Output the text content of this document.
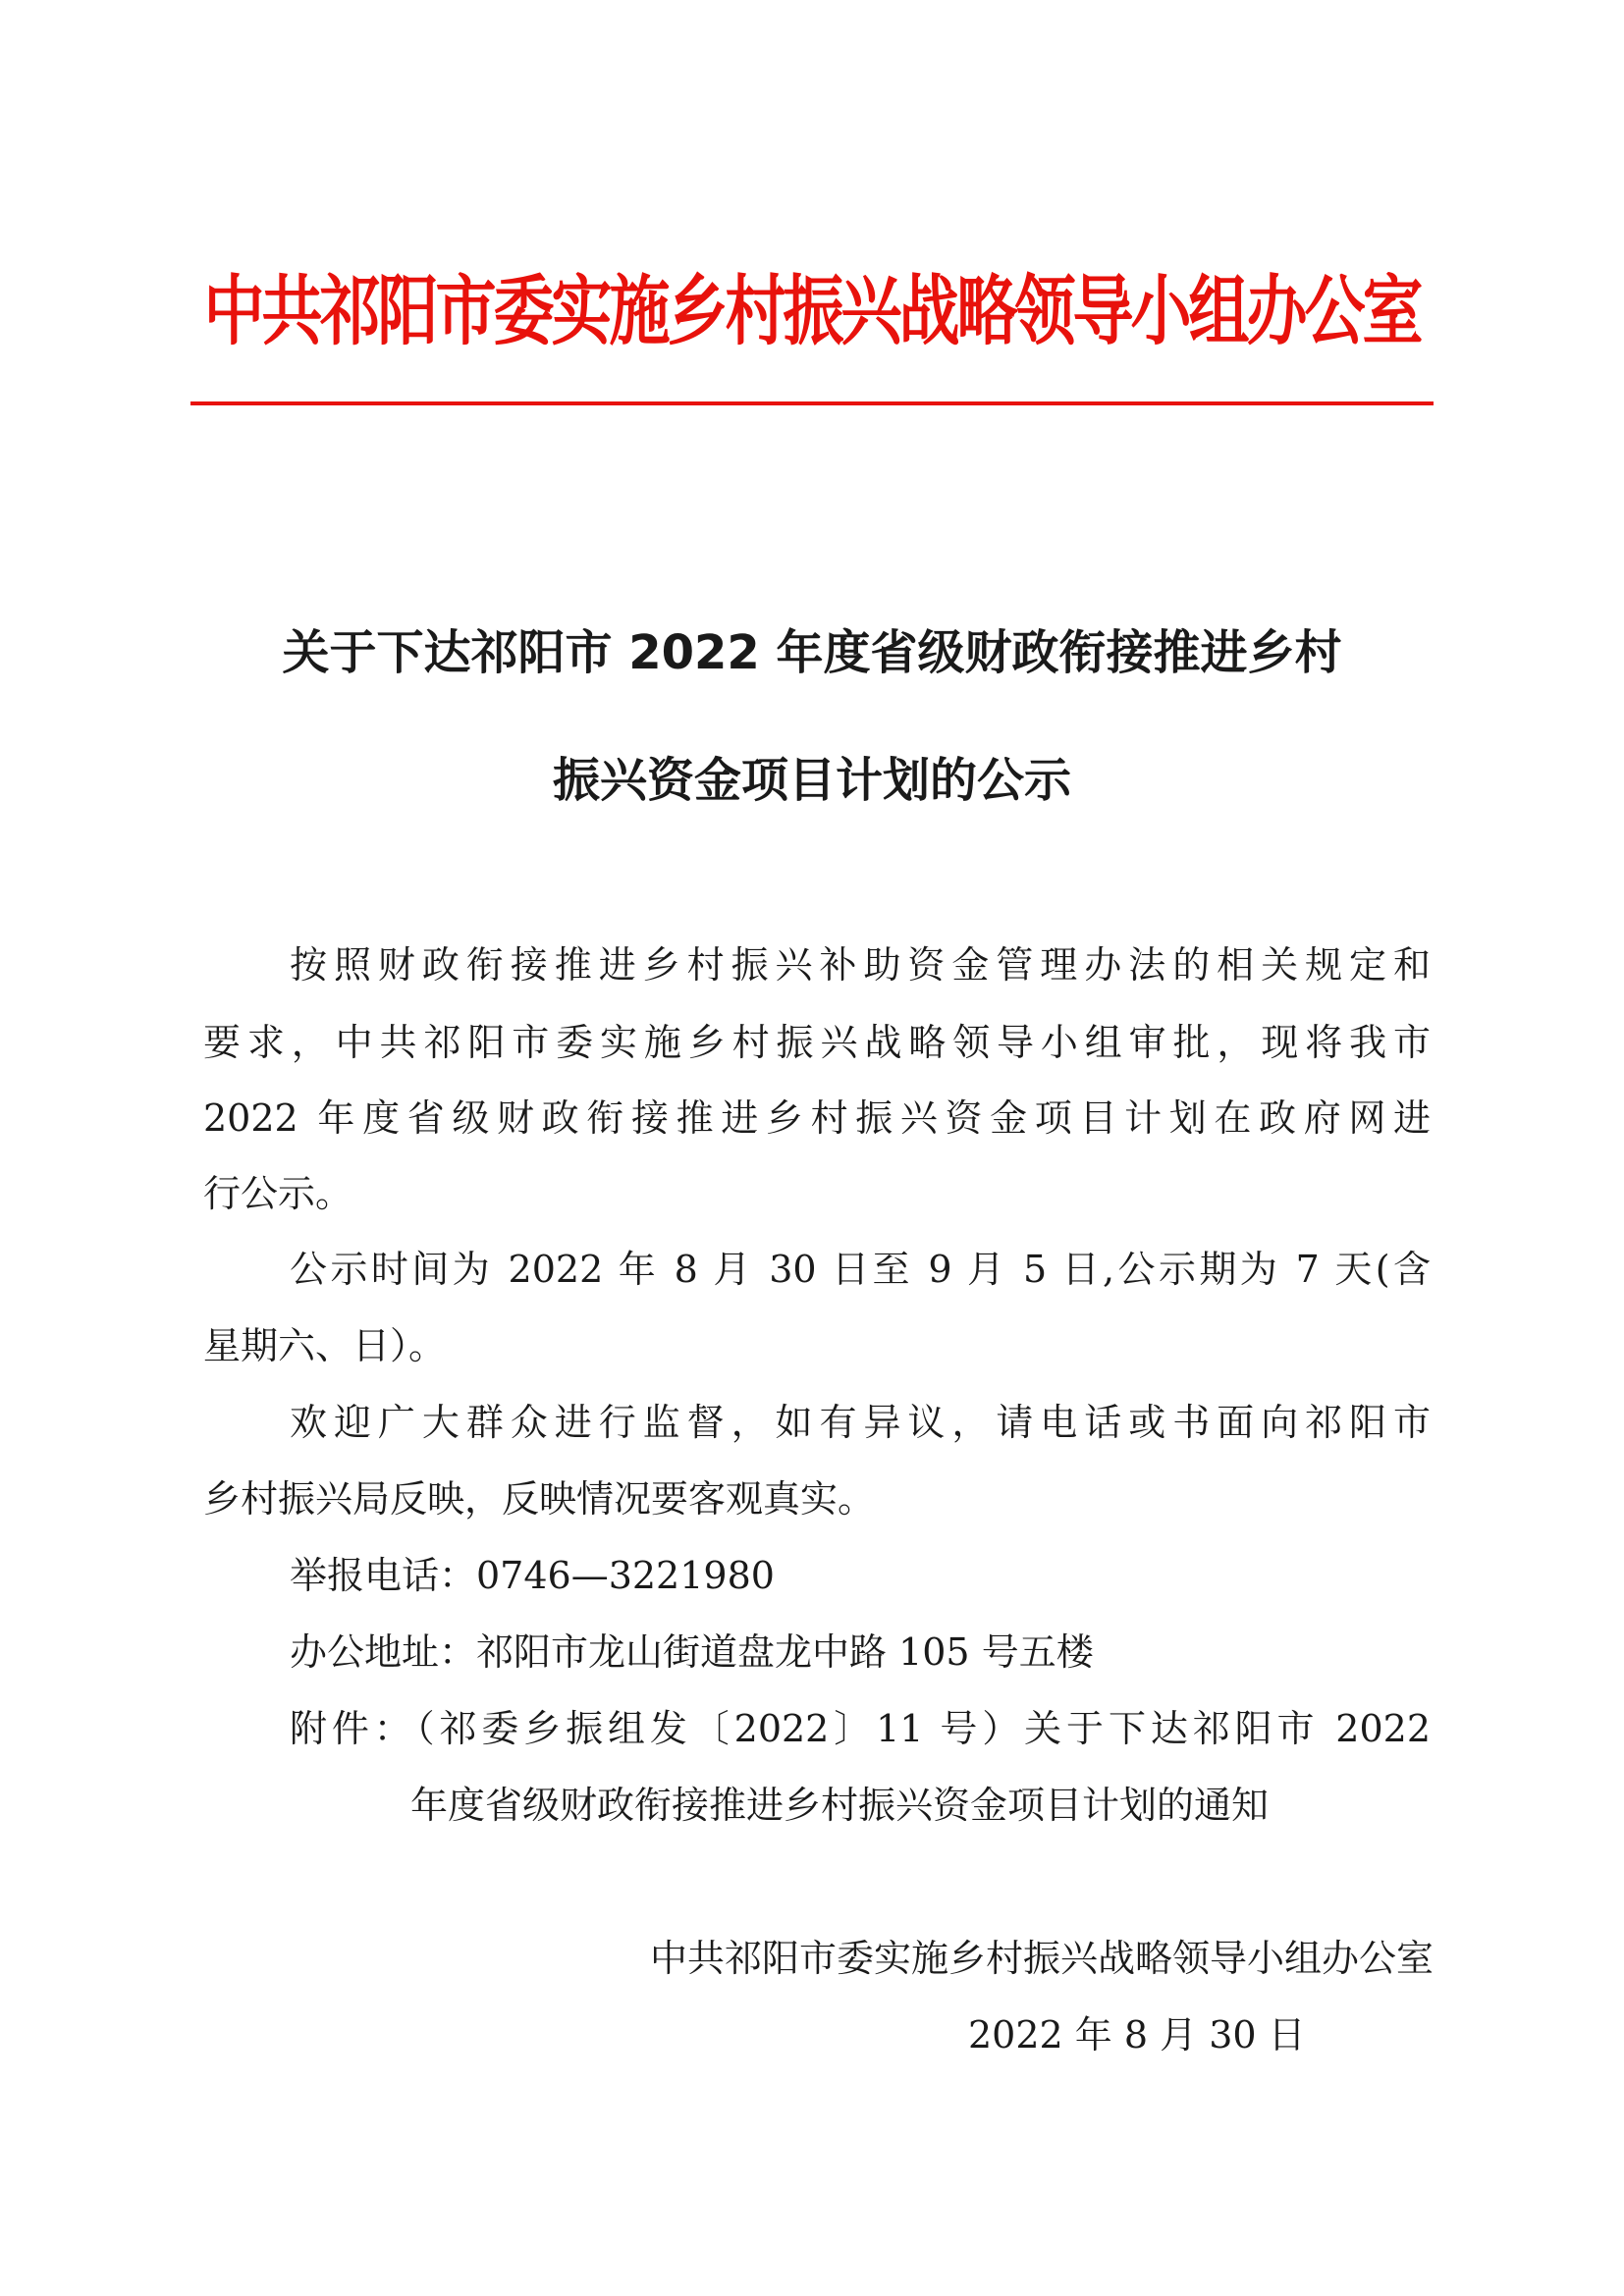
中共祁阳市委实施乡村振兴战略领导小组办公室
关于下达祁阳市 2022 年度省级财政衔接推进乡村
振兴资金项目计划的公示
按照财政衔接推进乡村振兴补助资金管理办法的相关规定和
要求，中共祁阳市委实施乡村振兴战略领导小组审批，现将我市
2022 年度省级财政衔接推进乡村振兴资金项目计划在政府网进
行公示。
公示时间为 2022 年 8 月 30 日至 9 月 5 日,公示期为 7 天(含
星期六、日）。
欢迎广大群众进行监督，如有异议，请电话或书面向祁阳市
乡村振兴局反映，反映情况要客观真实。
举报电话：0746—3221980
办公地址：祁阳市龙山街道盘龙中路 105 号五楼
附件：（祁委乡振组发〔2022〕11 号）关于下达祁阳市 2022
年度省级财政衔接推进乡村振兴资金项目计划的通知
中共祁阳市委实施乡村振兴战略领导小组办公室
2022 年 8 月 30 日
